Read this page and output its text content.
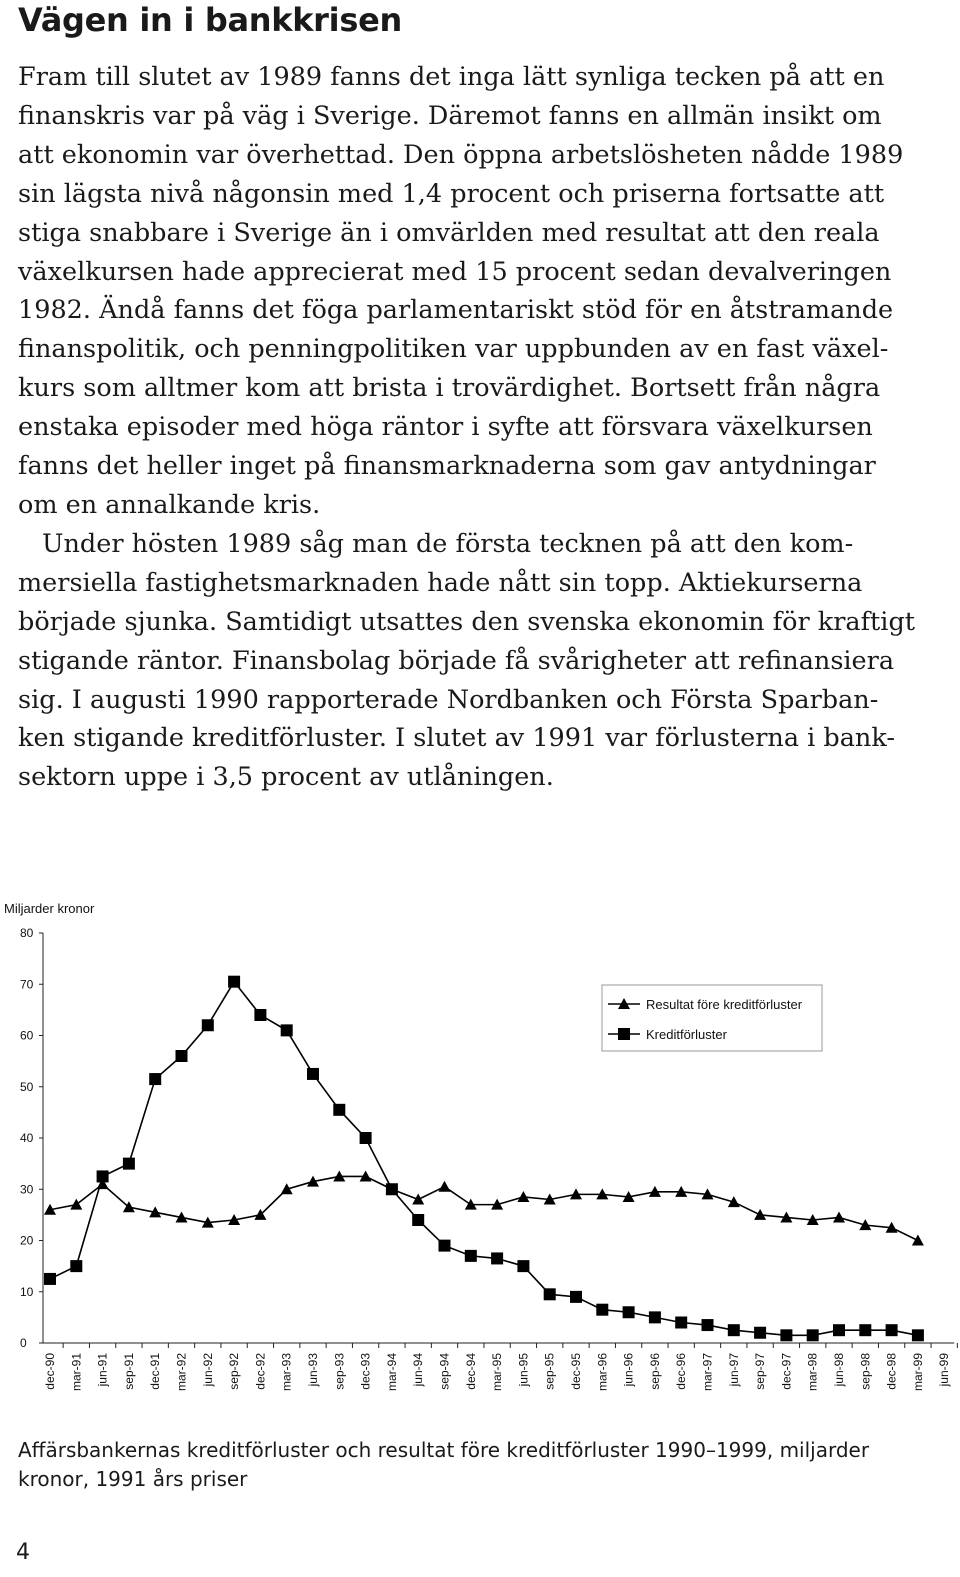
Vägen in i bankkrisen
Fram till slutet av 1989 fanns det inga lätt synliga tecken på att en
finanskris var på väg i Sverige. Däremot fanns en allmän insikt om
att ekonomin var överhettad. Den öppna arbetslösheten nådde 1989
sin lägsta nivå någonsin med 1,4 procent och priserna fortsatte att
stiga snabbare i Sverige än i omvärlden med resultat att den reala
växelkursen hade apprecierat med 15 procent sedan devalveringen
1982. Ändå fanns det föga parlamentariskt stöd för en åtstramande
finanspolitik, och penningpolitiken var uppbunden av en fast växel-
kurs som alltmer kom att brista i trovärdighet. Bortsett från några
enstaka episoder med höga räntor i syfte att försvara växelkursen
fanns det heller inget på finansmarknaderna som gav antydningar
om en annalkande kris.
Under hösten 1989 såg man de första tecknen på att den kom-
mersiella fastighetsmarknaden hade nått sin topp. Aktiekurserna
började sjunka. Samtidigt utsattes den svenska ekonomin för kraftigt
stigande räntor. Finansbolag började få svårigheter att refinansiera
sig. I augusti 1990 rapporterade Nordbanken och Första Sparban-
ken stigande kreditförluster. I slutet av 1991 var förlusterna i bank-
sektorn uppe i 3,5 procent av utlåningen.
Miljarder kronor
0
10
20
30
40
50
60
70
80
dec-90 mar-91 jun-91 sep-91 dec-91 mar-92 jun-92 sep-92 dec-92 mar-93 jun-93 sep-93 dec-93 mar-94 jun-94 sep-94 dec-94 mar-95 jun-95 sep-95 dec-95 mar-96 jun-96 sep-96 dec-96 mar-97 jun-97 sep-97 dec-97 mar-98 jun-98 sep-98 dec-98 mar-99 jun-99
Resultat före kreditförluster
Kreditförluster
Affärsbankernas kreditförluster och resultat före kreditförluster 1990–1999, miljarder kronor, 1991 års priser
4
